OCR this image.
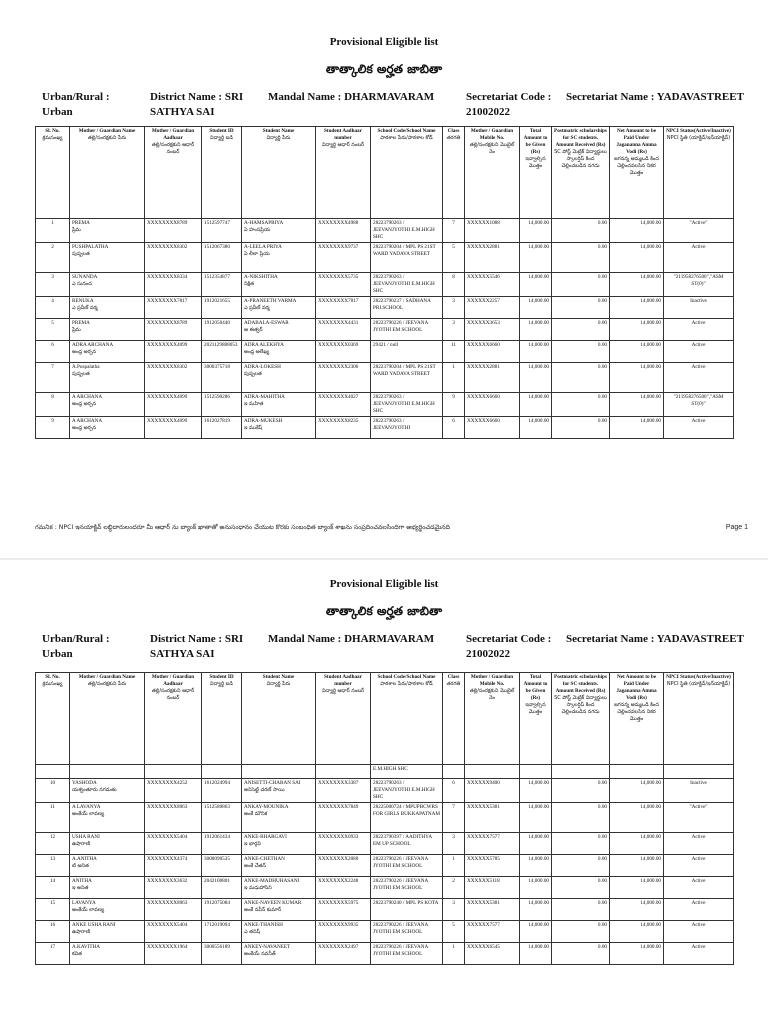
Provisional Eligible list
తాత్కాలిక అర్హత జాబితా
Urban/Rural : Urban
District Name : SRI SATHYA SAI
Mandal Name : DHARMAVARAM	Secretariat Code : 21002022
Secretariat Name : YADAVASTREET
Sl. No.
క్రమసంఖ్య	Mother / Guardian Name
తల్లి/సంరక్షకుని పేరు	Mother / Guardian Aadhaar
తల్లి/సంరక్షకుని ఆధార్ నంబర్	Student ID
విద్యార్థి ఐడి	Student Name
విద్యార్థి పేరు	Student Aadhaar number
విద్యార్థి ఆధార్ నంబర్	School Code/School Name
పాఠశాల పేరు/పాఠశాల కోడ్	Class
తరగతి	Mother / Guardian Mobile No.
తల్లి/సంరక్షకుని మొబైల్ నెం	Total Amount to be Given (Rs)
ఇవ్వాల్సిన మొత్తం	Postmatric scholarships for SC students. Amount Received (Rs)
SC పోస్ట్ మెట్రిక్ విద్యార్థులు స్కాలర్షిప్ కింద చెల్లించబడిన నగదు	Net Amount to be Paid Under Jagananna Amma Vodi (Rs)
జగనన్న అమ్మఒడి కింద చెల్లించవలసిన నికర మొత్తం	NPCI Status(Active/Inactive)
NPCI స్థితి (యాక్టివ్/ఇన్‌యాక్టివ్)

1	PREMA
ప్రేమ	XXXXXXXX8789	1512597747	A-HAMSAPRIYA
ఏ హంసప్రియ	XXXXXXXX4988	28223790263 / JEEVANJYOTHI E.M.HIGH SHC	7	XXXXXX1088	14,000.00	0.00	14,000.00	"Active"
2	PUSHPALATHA
పుష్పలత	XXXXXXXX8302	1512067380	A-LEELA PRIYA
ఏ లీలా ప్రియ	XXXXXXXX9737	28223790204 / MPL PS 21ST WARD YADAVA STREET	5	XXXXXX2881	14,000.00	0.00	14,000.00	Active
3	SUNANDA
ఎ సునంద	XXXXXXXX8334	1512354877	A-NIKSHITHA
నిక్షిత	XXXXXXXX5735	28223790263 / JEEVANJYOTHI E.M.HIGH SHC	8	XXXXXX5546	14,000.00	0.00	14,000.00	"211958276500","ASM ST(0)"
4	RENUKA
ఎ ప్రవీణ్ వర్మ	XXXXXXXX7817	1912021655	A-PRANEETH VARMA
ఎ ప్రవీణ్ వర్మ	XXXXXXXX7817	28223790237 / SADHANA PRI.SCHOOL	3	XXXXXX2257	14,000.00	0.00	14,000.00	Inactive
5	PREMA
ప్రేమ	XXXXXXXX8789	1912050440	ADABALA-ESWAR
ఆ ఈశ్వర్	XXXXXXXX4431	28223790226 / JEEVANA JYOTHI EM SCHOOL	3	XXXXXX3653	14,000.00	0.00	14,000.00	Active
6	ADRA ARCHANA
అంధ్ర అర్చన	XXXXXXXX4099	2021129888053	ADRA ALEKHYA
అంధ్ర అలేఖ్య	XXXXXXXX0369	29421 / null	11	XXXXXX6660	14,000.00	0.00	14,000.00	Active
7	A.Puspalatha
పుష్పలత	XXXXXXXX8302	3000375718	ADRA-LOKESH
పుష్పలత	XXXXXXXX2306	28223790204 / MPL PS 21ST WARD YADAVA STREET	1	XXXXXX2881	14,000.00	0.00	14,000.00	Active
8	A ARCHANA
అంధ్ర అర్చన	XXXXXXXX4099	1512590286	ADRA-MAHITHA
ఇ మహిత	XXXXXXXX4027	28223790263 / JEEVANJYOTHI E.M.HIGH SHC	9	XXXXXX6660	14,000.00	0.00	14,000.00	"211958276500","ASM ST(0)"
9	A ARCHANA
అంధ్ర అర్చన	XXXXXXXX4099	1612027819	ADRA-MUKESH
ఇ ముకేష్	XXXXXXXX8235	28223790263 / JEEVANJYOTHI	6	XXXXXX6660	14,000.00	0.00	14,000.00	Active
గమనిక : NPCI ఇనయాక్టివ్ లబ్ధిదారులందరూ మీ ఆధార్ ను బ్యాంక్ ఖాతాతో అనుసంధానం చేయుట కొరకు సంబంధిత బ్యాంక్ శాఖను సంప్రదించవలసిందిగా అభ్యర్థించడమైనది	Page 1
Provisional Eligible list
తాత్కాలిక అర్హత జాబితా
Urban/Rural : Urban
District Name : SRI SATHYA SAI
Mandal Name : DHARMAVARAM	Secretariat Code : 21002022
Secretariat Name : YADAVASTREET
Sl. No.
క్రమసంఖ్య	Mother / Guardian Name
తల్లి/సంరక్షకుని పేరు	Mother / Guardian Aadhaar
తల్లి/సంరక్షకుని ఆధార్ నంబర్	Student ID
విద్యార్థి ఐడి	Student Name
విద్యార్థి పేరు	Student Aadhaar number
విద్యార్థి ఆధార్ నంబర్	School Code/School Name
పాఠశాల పేరు/పాఠశాల కోడ్	Class
తరగతి	Mother / Guardian Mobile No.
తల్లి/సంరక్షకుని మొబైల్ నెం	Total Amount to be Given (Rs)
ఇవ్వాల్సిన మొత్తం	Postmatric scholarships for SC students. Amount Received (Rs)
SC పోస్ట్ మెట్రిక్ విద్యార్థులు స్కాలర్షిప్ కింద చెల్లించబడిన నగదు	Net Amount to be Paid Under Jagananna Amma Vodi (Rs)
జగనన్న అమ్మఒడి కింద చెల్లించవలసిన నికర మొత్తం	NPCI Status(Active/Inactive)
NPCI స్థితి (యాక్టివ్/ఇన్‌యాక్టివ్)

		E.M.HIGH SHC						
10	YASHODA
యశ్వంతూరు నగదుతు	XXXXXXXX4252	1612024994	ANISETTI-CHARAN SAI
అనిసెట్టి చరణ్ సాయి	XXXXXXXX3387	28223790263 / JEEVANJYOTHI E.M.HIGH SHC	6	XXXXXX9400	14,000.00	0.00	14,000.00	Inactive
11	A LAVANYA
అంకేయ్ లావణ్య	XXXXXXXX8063	1512580863	ANKAY-MOUNIKA
అంకే మౌనిక	XXXXXXXX7849	28225000724 / MPUPBCWRS FOR GIRLS BUKKAPATNAM	7	XXXXXX5381	14,000.00	0.00	14,000.00	"Active"
12	USHA RANI
ఉషారాణి	XXXXXXXX5404	1912061434	ANKE-BHARGAVI
ఇ భార్గవి	XXXXXXXX0933	28223790397 / AADITHYA EM UP SCHOOL	3	XXXXXX7577	14,000.00	0.00	14,000.00	Active
13	A.ANITHA
టి అనిత	XXXXXXXX4374	3000090535	ANKE-CHETHAN
అంకే చేతన్	XXXXXXXX2080	28223790226 / JEEVANA JYOTHI EM SCHOOL	1	XXXXXX5785	14,000.00	0.00	14,000.00	Active
14	ANITHA
ఇ అనిత	XXXXXXXX3632	2042100801	ANKE-MADHUHASANI
ఇ మధుహాసిని	XXXXXXXX2248	28223790226 / JEEVANA JYOTHI EM SCHOOL	2	XXXXXX5118	14,000.00	0.00	14,000.00	Active
15	LAVANYA
అంకేయ్ లావణ్య	XXXXXXXX8063	1912075084	ANKE-NAVEEN KUMAR
అంకే నవీన్ కుమార్	XXXXXXXX5975	28223790240 / MPL PS KOTA	3	XXXXXX5381	14,000.00	0.00	14,000.00	Active
16	ANKE USHA RANI
ఉషారాణి	XXXXXXXX5404	1712019094	ANKE-THANISH
ఎ తనిష్	XXXXXXXX9935	28223790226 / JEEVANA JYOTHI EM SCHOOL	5	XXXXXX7577	14,000.00	0.00	14,000.00	Active
17	A.KAVITHA
కవిత	XXXXXXXX1964	3000556189	ANKEY-NAVANEET
అంకేయ్ నవనీత్	XXXXXXXX2497	28223790226 / JEEVANA JYOTHI EM SCHOOL	1	XXXXXX6545	14,000.00	0.00	14,000.00	Active
